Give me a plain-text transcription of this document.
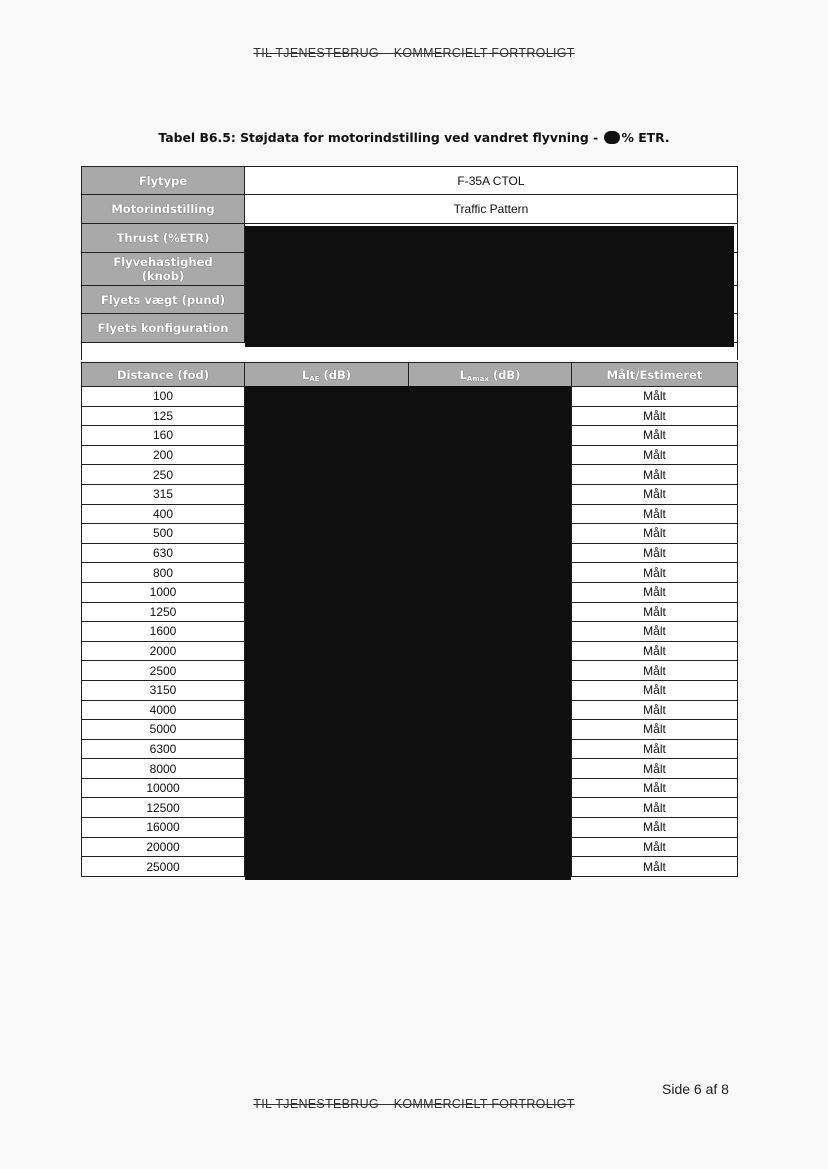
TIL TJENESTEBRUG – KOMMERCIELT FORTROLIGT
Tabel B6.5: Støjdata for motorindstilling ved vandret flyvning - % ETR.
Flytype	F-35A CTOL
Motorindstilling	Traffic Pattern
Thrust (%ETR)	
Flyvehastighed (knob)	
Flyets vægt (pund)	
Flyets konfiguration	
Distance (fod)	$L_{AE}$ (dB)	$L_{Amax}$ (dB)	Målt/Estimeret
100			Målt
125			Målt
160			Målt
200			Målt
250			Målt
315			Målt
400			Målt
500			Målt
630			Målt
800			Målt
1000			Målt
1250			Målt
1600			Målt
2000			Målt
2500			Målt
3150			Målt
4000			Målt
5000			Målt
6300			Målt
8000			Målt
10000			Målt
12500			Målt
16000			Målt
20000			Målt
25000			Målt
Side 6 af 8
TIL TJENESTEBRUG – KOMMERCIELT FORTROLIGT
